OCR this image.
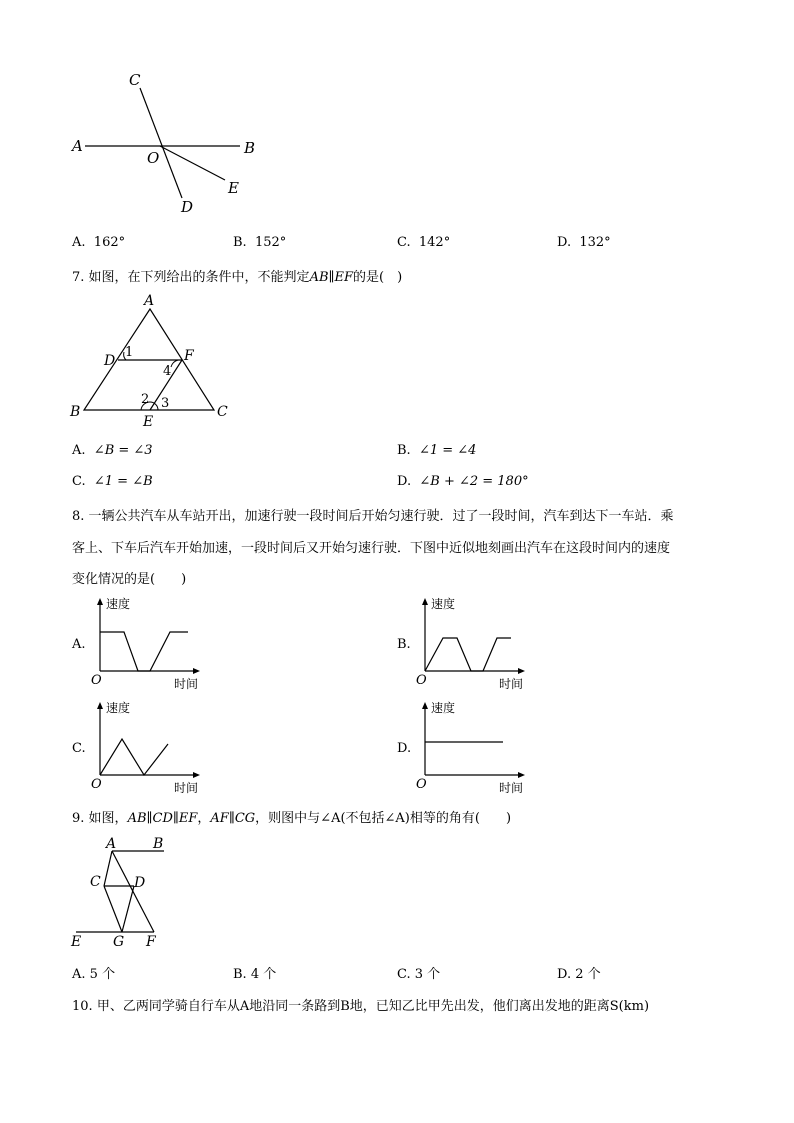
A	B
C
D
E
O
A. 162°	B. 152°	C. 142°	D. 132°
7. 如图，在下列给出的条件中，不能判定AB∥EF的是(　)
A
B	C
D
E
F
1
2 3
4
A. ∠B = ∠3	B. ∠1 = ∠4
C. ∠1 = ∠B	D. ∠B + ∠2 = 180°
8. 一辆公共汽车从车站开出，加速行驶一段时间后开始匀速行驶．过了一段时间，汽车到达下一车站．乘
客上、下车后汽车开始加速，一段时间后又开始匀速行驶．下图中近似地刻画出汽车在这段时间内的速度
变化情况的是(　　)
A.
速度
时间
O
B.
速度
时间
O
C.
速度
时间
O
D.
速度
时间
O
9. 如图，AB∥CD∥EF，AF∥CG，则图中与∠A(不包括∠A)相等的角有(　　)
A	B
C D
E G F
A. 5 个	B. 4 个	C. 3 个	D. 2 个
10. 甲、乙两同学骑自行车从A地沿同一条路到B地，已知乙比甲先出发，他们离出发地的距离S(km)
